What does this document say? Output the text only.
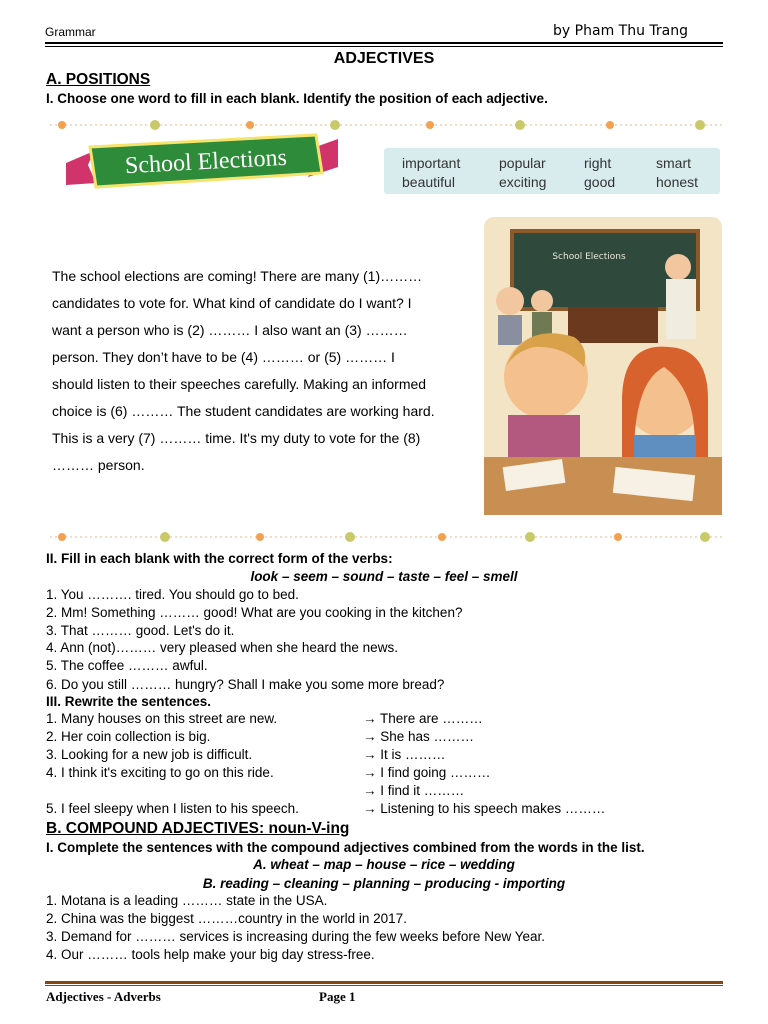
Grammar	by Pham Thu Trang
ADJECTIVES
A. POSITIONS
I. Choose one word to fill in each blank. Identify the position of each adjective.
School Elections	important	popular	right	smart
beautiful	exciting	good	honest
The school elections are coming! There are many (1)………
candidates to vote for. What kind of candidate do I want? I
want a person who is (2) ……… I also want an (3) ………
person. They don’t have to be (4) ……… or (5) ……… I
should listen to their speeches carefully. Making an informed
choice is (6) ……… The student candidates are working hard.
This is a very (7) ……… time. It's my duty to vote for the (8)
……… person.
School Elections
II. Fill in each blank with the correct form of the verbs:
look – seem – sound – taste – feel – smell
1. You ………. tired. You should go to bed.
2. Mm! Something ……… good! What are you cooking in the kitchen?
3. That ……… good. Let's do it.
4. Ann (not)……… very pleased when she heard the news.
5. The coffee ……… awful.
6. Do you still ……… hungry? Shall I make you some more bread?
III. Rewrite the sentences.
1. Many houses on this street are new.	→ There are ………
2. Her coin collection is big.	→ She has ………
3. Looking for a new job is difficult.	→ It is ………
4. I think it's exciting to go on this ride.	→ I find going ………
→ I find it ………
5. I feel sleepy when I listen to his speech.	→ Listening to his speech makes ………
B. COMPOUND ADJECTIVES: noun-V-ing
I. Complete the sentences with the compound adjectives combined from the words in the list.
A. wheat – map – house – rice – wedding
B. reading – cleaning – planning – producing - importing
1. Motana is a leading ……… state in the USA.
2. China was the biggest ………country in the world in 2017.
3. Demand for ……… services is increasing during the few weeks before New Year.
4. Our ……… tools help make your big day stress-free.
Adjectives - Adverbs	Page 1
